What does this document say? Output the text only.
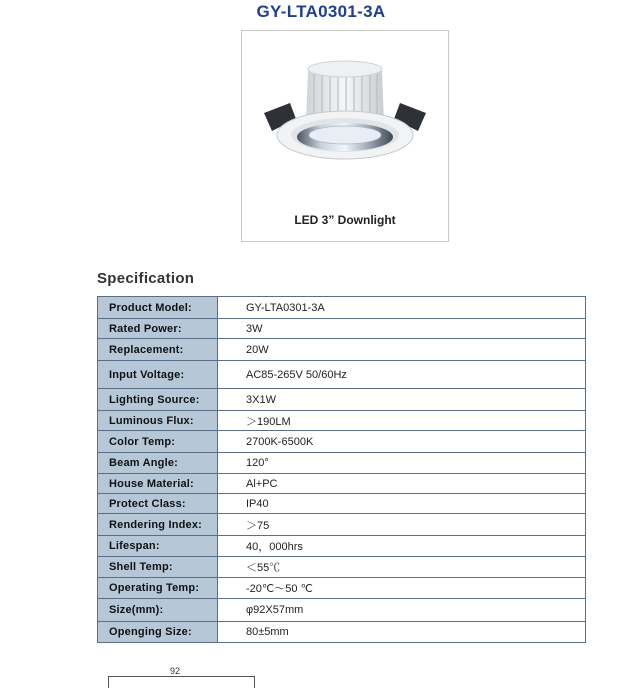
GY-LTA0301-3A
LED 3” Downlight
Specification
Product Model:	GY-LTA0301-3A
Rated Power:	3W
Replacement:	20W
Input Voltage:	AC85-265V 50/60Hz
Lighting Source:	3X1W
Luminous Flux:	＞190LM
Color Temp:	2700K-6500K
Beam Angle:	120°
House Material:	Al+PC
Protect Class:	IP40
Rendering Index:	＞75
Lifespan:	40，000hrs
Shell Temp:	＜55℃
Operating Temp:	-20℃～50 ℃
Size(mm):	φ92X57mm
Openging Size:	80±5mm
92
